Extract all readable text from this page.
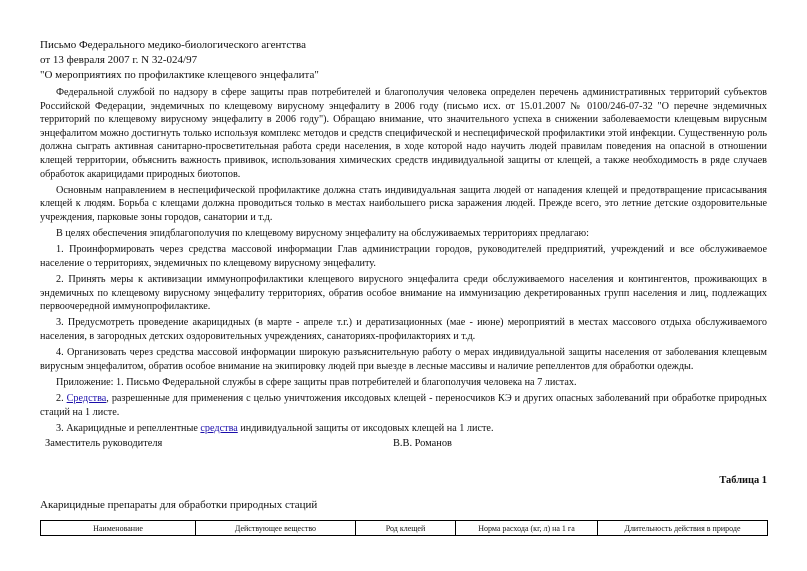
Письмо Федерального медико-биологического агентства
от 13 февраля 2007 г. N 32-024/97
"О мероприятиях по профилактике клещевого энцефалита"

Федеральной службой по надзору в сфере защиты прав потребителей и благополучия человека определен перечень административных территорий субъектов Российской Федерации, эндемичных по клещевому вирусному энцефалиту в 2006 году (письмо исх. от 15.01.2007 № 0100/246-07-32 "О перечне эндемичных территорий по клещевому вирусному энцефалиту в 2006 году"). Обращаю внимание, что значительного успеха в снижении заболеваемости клещевым вирусным энцефалитом можно достигнуть только используя комплекс методов и средств специфической и неспецифической профилактики этой инфекции. Существенную роль должна сыграть активная санитарно-просветительная работа среди населения, в ходе которой надо научить людей правилам поведения на опасной в отношении клещей территории, объяснить важность прививок, использования химических средств индивидуальной защиты от клещей, а также необходимость в ряде случаев обработок акарицидами природных биотопов.

Основным направлением в неспецифической профилактике должна стать индивидуальная защита людей от нападения клещей и предотвращение присасывания клещей к людям. Борьба с клещами должна проводиться только в местах наибольшего риска заражения людей. Прежде всего, это летние детские оздоровительные учреждения, парковые зоны городов, санатории и т.д.

В целях обеспечения эпидблагополучия по клещевому вирусному энцефалиту на обслуживаемых территориях предлагаю:

1. Проинформировать через средства массовой информации Глав администрации городов, руководителей предприятий, учреждений и все обслуживаемое население о территориях, эндемичных по клещевому вирусному энцефалиту.

2. Принять меры к активизации иммунопрофилактики клещевого вирусного энцефалита среди обслуживаемого населения и контингентов, проживающих в эндемичных по клещевому вирусному энцефалиту территориях, обратив особое внимание на иммунизацию декретированных групп населения и лиц, подлежащих первоочередной иммунопрофилактике.

3. Предусмотреть проведение акарицидных (в марте - апреле т.г.) и дератизационных (мае - июне) мероприятий в местах массового отдыха обслуживаемого населения, в загородных детских оздоровительных учреждениях, санаториях-профилакториях и т.д.

4. Организовать через средства массовой информации широкую разъяснительную работу о мерах индивидуальной защиты населения от заболевания клещевым вирусным энцефалитом, обратив особое внимание на экипировку людей при выезде в лесные массивы и наличие репеллентов для обработки одежды.

Приложение: 1. Письмо Федеральной службы в сфере защиты прав потребителей и благополучия человека на 7 листах.

2. Средства, разрешенные для применения с целью уничтожения иксодовых клещей - переносчиков КЭ и других опасных заболеваний при обработке природных стаций на 1 листе.

3. Акарицидные и репеллентные средства индивидуальной защиты от иксодовых клещей на 1 листе.

Заместитель руководителя	В.В. Романов
Таблица 1
Акарицидные препараты для обработки природных стаций
Наименование	Действующее вещество	Род клещей	Норма расхода (кг, л) на 1 га	Длительность действия в природе
